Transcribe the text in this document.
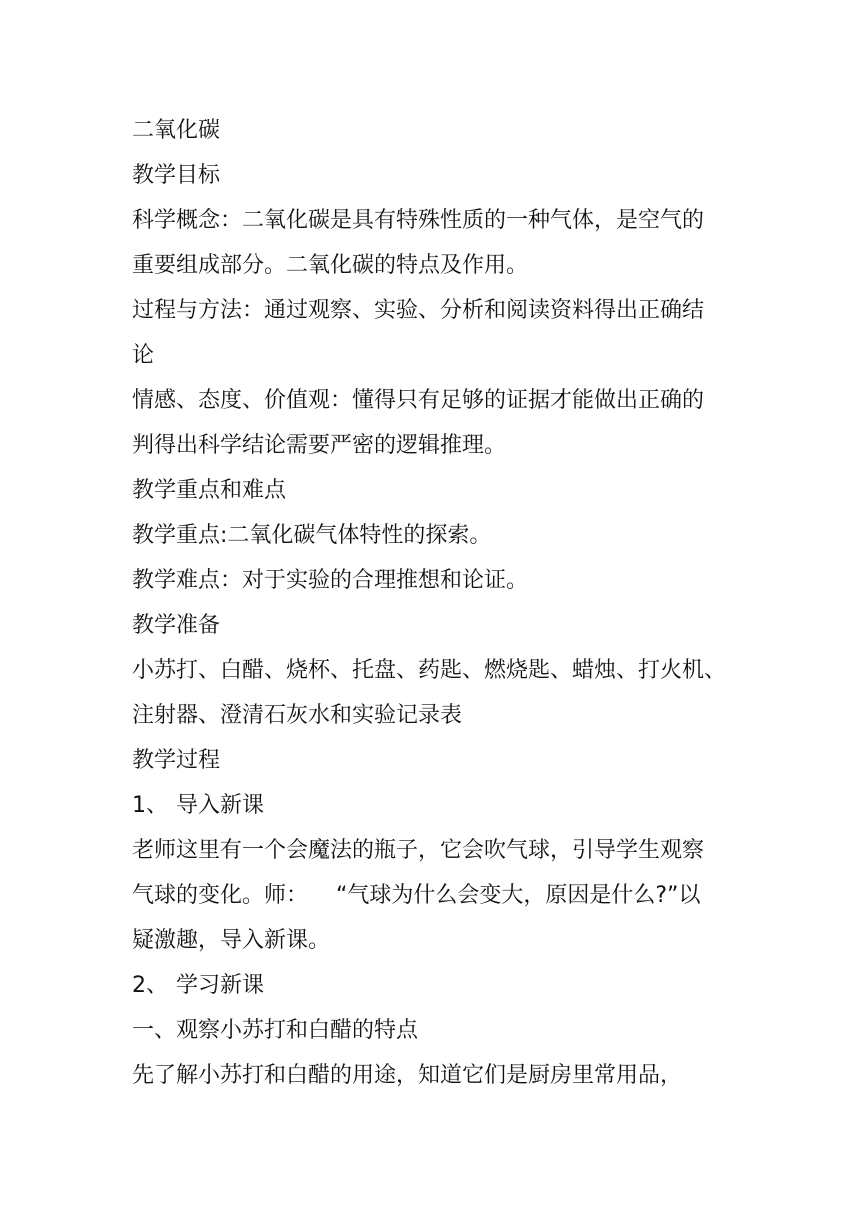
二氧化碳
教学目标
科学概念：二氧化碳是具有特殊性质的一种气体，是空气的
重要组成部分。二氧化碳的特点及作用。
过程与方法：通过观察、实验、分析和阅读资料得出正确结
论
情感、态度、价值观：懂得只有足够的证据才能做出正确的
判得出科学结论需要严密的逻辑推理。
教学重点和难点
教学重点:二氧化碳气体特性的探索。
教学难点：对于实验的合理推想和论证。
教学准备
小苏打、白醋、烧杯、托盘、药匙、燃烧匙、蜡烛、打火机、
注射器、澄清石灰水和实验记录表
教学过程
1、 导入新课
老师这里有一个会魔法的瓶子，它会吹气球，引导学生观察
气球的变化。师：    “气球为什么会变大，原因是什么?”以
疑激趣，导入新课。
2、 学习新课
一、观察小苏打和白醋的特点
先了解小苏打和白醋的用途，知道它们是厨房里常用品，
